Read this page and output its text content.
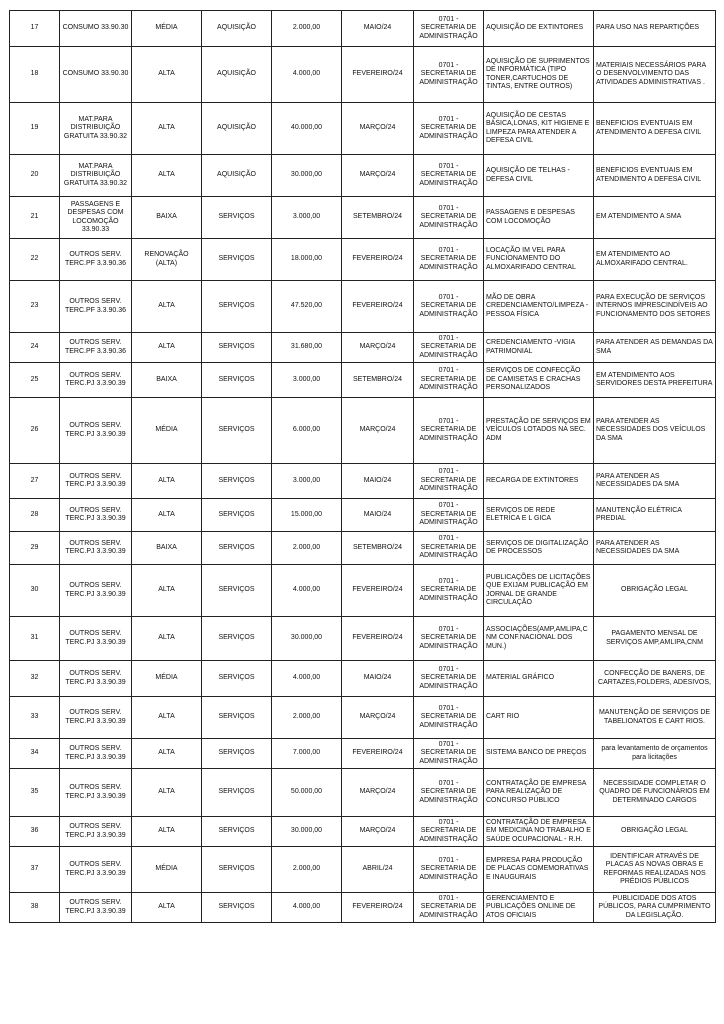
17	CONSUMO 33.90.30	MÉDIA	AQUISIÇÃO	2.000,00	MAIO/24	0701 - SECRETARIA DE ADMINISTRAÇÃO	AQUISIÇÃO DE EXTINTORES	PARA USO NAS REPARTIÇÕES
18	CONSUMO 33.90.30	ALTA	AQUISIÇÃO	4.000,00	FEVEREIRO/24	0701 - SECRETARIA DE ADMINISTRAÇÃO	AQUISIÇÃO DE SUPRIMENTOS DE INFORMÁTICA (TIPO TONER,CARTUCHOS DE TINTAS, ENTRE OUTROS)	MATERIAIS NECESSÁRIOS PARA O DESENVOLVIMENTO DAS ATIVIDADES ADMINISTRATIVAS .
19	MAT.PARA DISTRIBUIÇÃO GRATUITA 33.90.32	ALTA	AQUISIÇÃO	40.000,00	MARÇO/24	0701 - SECRETARIA DE ADMINISTRAÇÃO	AQUISIÇÃO DE CESTAS BÁSICA,LONAS, KIT HIGIENE E LIMPEZA PARA ATENDER A DEFESA CIVIL	BENEFICIOS EVENTUAIS EM ATENDIMENTO A DEFESA CIVIL
20	MAT.PARA DISTRIBUIÇÃO GRATUITA 33.90.32	ALTA	AQUISIÇÃO	30.000,00	MARÇO/24	0701 - SECRETARIA DE ADMINISTRAÇÃO	AQUISIÇÃO DE TELHAS - DEFESA CIVIL	BENEFICIOS EVENTUAIS EM ATENDIMENTO A DEFESA CIVIL
21	PASSAGENS E DESPESAS COM LOCOMOÇÃO 33.90.33	BAIXA	SERVIÇOS	3.000,00	SETEMBRO/24	0701 - SECRETARIA DE ADMINISTRAÇÃO	PASSAGENS E DESPESAS COM LOCOMOÇÃO	EM ATENDIMENTO A SMA
22	OUTROS SERV. TERC.PF 3.3.90.36	RENOVAÇÃO (ALTA)	SERVIÇOS	18.000,00	FEVEREIRO/24	0701 - SECRETARIA DE ADMINISTRAÇÃO	LOCAÇÃO IM VEL PARA FUNCIONAMENTO DO ALMOXARIFADO CENTRAL	EM ATENDIMENTO AO ALMOXARIFADO CENTRAL.
23	OUTROS SERV. TERC.PF 3.3.90.36	ALTA	SERVIÇOS	47.520,00	FEVEREIRO/24	0701 - SECRETARIA DE ADMINISTRAÇÃO	MÃO DE OBRA CREDENCIAMENTO/LIMPEZA - PESSOA FÍSICA	PARA EXECUÇÃO DE SERVIÇOS INTERNOS IMPRESCINDÍVEIS AO FUNCIONAMENTO DOS SETORES
24	OUTROS SERV. TERC.PF 3.3.90.36	ALTA	SERVIÇOS	31.680,00	MARÇO/24	0701 - SECRETARIA DE ADMINISTRAÇÃO	CREDENCIAMENTO -VIGIA PATRIMONIAL	PARA ATENDER AS DEMANDAS DA SMA
25	OUTROS SERV. TERC.PJ 3.3.90.39	BAIXA	SERVIÇOS	3.000,00	SETEMBRO/24	0701 - SECRETARIA DE ADMINISTRAÇÃO	SERVIÇOS DE CONFECÇÃO DE CAMISETAS E CRACHAS PERSONALIZADOS	EM ATENDIMENTO AOS SERVIDORES DESTA PREFEITURA
26	OUTROS SERV. TERC.PJ 3.3.90.39	MÉDIA	SERVIÇOS	6.000,00	MARÇO/24	0701 - SECRETARIA DE ADMINISTRAÇÃO	PRESTAÇÃO DE SERVIÇOS EM VEÍCULOS LOTADOS NA SEC. ADM	PARA ATENDER AS NECESSIDADES DOS VEÍCULOS DA SMA
27	OUTROS SERV. TERC.PJ 3.3.90.39	ALTA	SERVIÇOS	3.000,00	MAIO/24	0701 - SECRETARIA DE ADMINISTRAÇÃO	RECARGA DE EXTINTORES	PARA ATENDER AS NECESSIDADES DA SMA
28	OUTROS SERV. TERC.PJ 3.3.90.39	ALTA	SERVIÇOS	15.000,00	MAIO/24	0701 - SECRETARIA DE ADMINISTRAÇÃO	SERVIÇOS DE REDE ELETRICA E L GICA	MANUTENÇÃO ELÉTRICA PREDIAL
29	OUTROS SERV. TERC.PJ 3.3.90.39	BAIXA	SERVIÇOS	2.000,00	SETEMBRO/24	0701 - SECRETARIA DE ADMINISTRAÇÃO	SERVIÇOS DE DIGITALIZAÇÃO DE PROCESSOS	PARA ATENDER AS NECESSIDADES DA SMA
30	OUTROS SERV. TERC.PJ 3.3.90.39	ALTA	SERVIÇOS	4.000,00	FEVEREIRO/24	0701 - SECRETARIA DE ADMINISTRAÇÃO	PUBLICAÇÕES DE LICITAÇÕES QUE EXIJAM PUBLICAÇÃO EM JORNAL DE GRANDE CIRCULAÇÃO	OBRIGAÇÃO LEGAL
31	OUTROS SERV. TERC.PJ 3.3.90.39	ALTA	SERVIÇOS	30.000,00	FEVEREIRO/24	0701 - SECRETARIA DE ADMINISTRAÇÃO	ASSOCIAÇÕES(AMP,AMLIPA,CNM CONF.NACIONAL DOS MUN.)	PAGAMENTO MENSAL DE SERVIÇOS AMP,AMLIPA,CNM
32	OUTROS SERV. TERC.PJ 3.3.90.39	MÉDIA	SERVIÇOS	4.000,00	MAIO/24	0701 - SECRETARIA DE ADMINISTRAÇÃO	MATERIAL GRÁFICO	CONFECÇÃO DE BANERS, DE CARTAZES,FOLDERS, ADESIVOS,
33	OUTROS SERV. TERC.PJ 3.3.90.39	ALTA	SERVIÇOS	2.000,00	MARÇO/24	0701 - SECRETARIA DE ADMINISTRAÇÃO	CART RIO	MANUTENÇÃO DE SERVIÇOS DE TABELIONATOS E CART RIOS.
34	OUTROS SERV. TERC.PJ 3.3.90.39	ALTA	SERVIÇOS	7.000,00	FEVEREIRO/24	0701 - SECRETARIA DE ADMINISTRAÇÃO	SISTEMA BANCO DE PREÇOS	para levantamento de orçamentos para licitações
35	OUTROS SERV. TERC.PJ 3.3.90.39	ALTA	SERVIÇOS	50.000,00	MARÇO/24	0701 - SECRETARIA DE ADMINISTRAÇÃO	CONTRATAÇÃO DE EMPRESA PARA REALIZAÇÃO DE CONCURSO PÚBLICO	NECESSIDADE COMPLETAR O QUADRO DE FUNCIONÁRIOS EM DETERMINADO CARGOS
36	OUTROS SERV. TERC.PJ 3.3.90.39	ALTA	SERVIÇOS	30.000,00	MARÇO/24	0701 - SECRETARIA DE ADMINISTRAÇÃO	CONTRATAÇÃO DE EMPRESA EM MEDICINA NO TRABALHO E SAÚDE OCUPACIONAL - R.H.	OBRIGAÇÃO LEGAL
37	OUTROS SERV. TERC.PJ 3.3.90.39	MÉDIA	SERVIÇOS	2.000,00	ABRIL/24	0701 - SECRETARIA DE ADMINISTRAÇÃO	EMPRESA PARA PRODUÇÃO DE PLACAS COMEMORATIVAS E INAUGURAIS	IDENTIFICAR ATRAVÉS DE PLACAS AS NOVAS OBRAS E REFORMAS REALIZADAS NOS PRÉDIOS PÚBLICOS
38	OUTROS SERV. TERC.PJ 3.3.90.39	ALTA	SERVIÇOS	4.000,00	FEVEREIRO/24	0701 - SECRETARIA DE ADMINISTRAÇÃO	GERENCIAMENTO E PUBLICAÇÕES ONLINE DE ATOS OFICIAIS	PUBLICIDADE DOS ATOS PÚBLICOS, PARA CUMPRIMENTO DA LEGISLAÇÃO.
